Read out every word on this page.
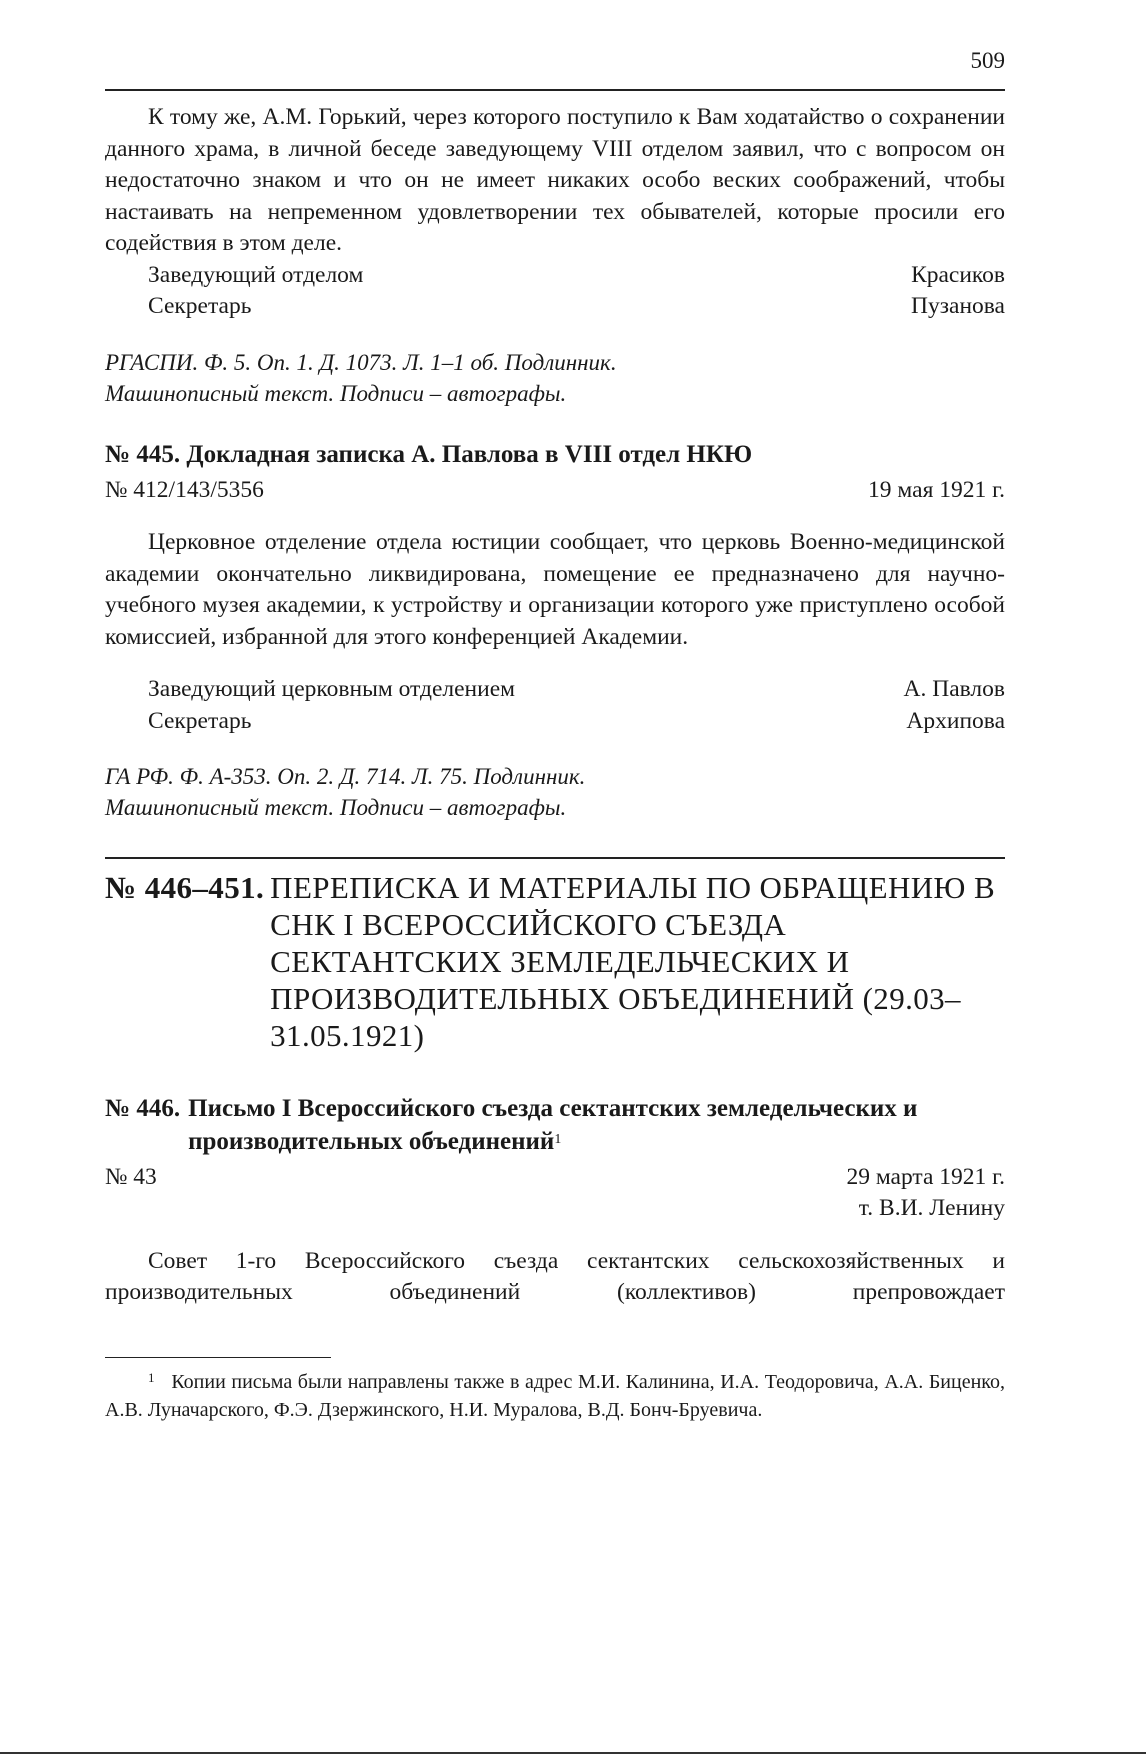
509

К тому же, А.М. Горький, через которого поступило к Вам ходатайство о сохранении данного храма, в личной беседе заведующему VIII отделом заявил, что с вопросом он недостаточно знаком и что он не имеет никаких особо веских соображений, чтобы настаивать на непременном удовлетворении тех обывателей, которые просили его содействия в этом деле.

Заведующий отделом	Красиков
Секретарь	Пузанова
РГАСПИ. Ф. 5. Оп. 1. Д. 1073. Л. 1–1 об. Подлинник.
Машинописный текст. Подписи – автографы.
№ 445. Докладная записка А. Павлова в VIII отдел НКЮ
№ 412/143/5356	19 мая 1921 г.

Церковное отделение отдела юстиции сообщает, что церковь Военно-медицинской академии окончательно ликвидирована, помещение ее предназначено для научно-учебного музея академии, к устройству и организации которого уже приступлено особой комиссией, избранной для этого конференцией Академии.

Заведующий церковным отделением	А. Павлов
Секретарь	Архипова
ГА РФ. Ф. А-353. Оп. 2. Д. 714. Л. 75. Подлинник.
Машинописный текст. Подписи – автографы.
№ 446–451. ПЕРЕПИСКА И МАТЕРИАЛЫ ПО ОБРАЩЕНИЮ В СНК I ВСЕРОССИЙСКОГО СЪЕЗДА СЕКТАНТСКИХ ЗЕМЛЕДЕЛЬЧЕСКИХ И ПРОИЗВОДИТЕЛЬНЫХ ОБЪЕДИНЕНИЙ (29.03–31.05.1921)
№ 446. Письмо I Всероссийского съезда сектантских земледельческих и производительных объединений$^1$
№ 43	29 марта 1921 г.
т. В.И. Ленину

Совет 1-го Всероссийского съезда сектантских сельскохозяйственных и производительных объединений (коллективов) препровождает

$^1$ Копии письма были направлены также в адрес М.И. Калинина, И.А. Теодоровича, А.А. Биценко, А.В. Луначарского, Ф.Э. Дзержинского, Н.И. Муралова, В.Д. Бонч-Бруевича.
